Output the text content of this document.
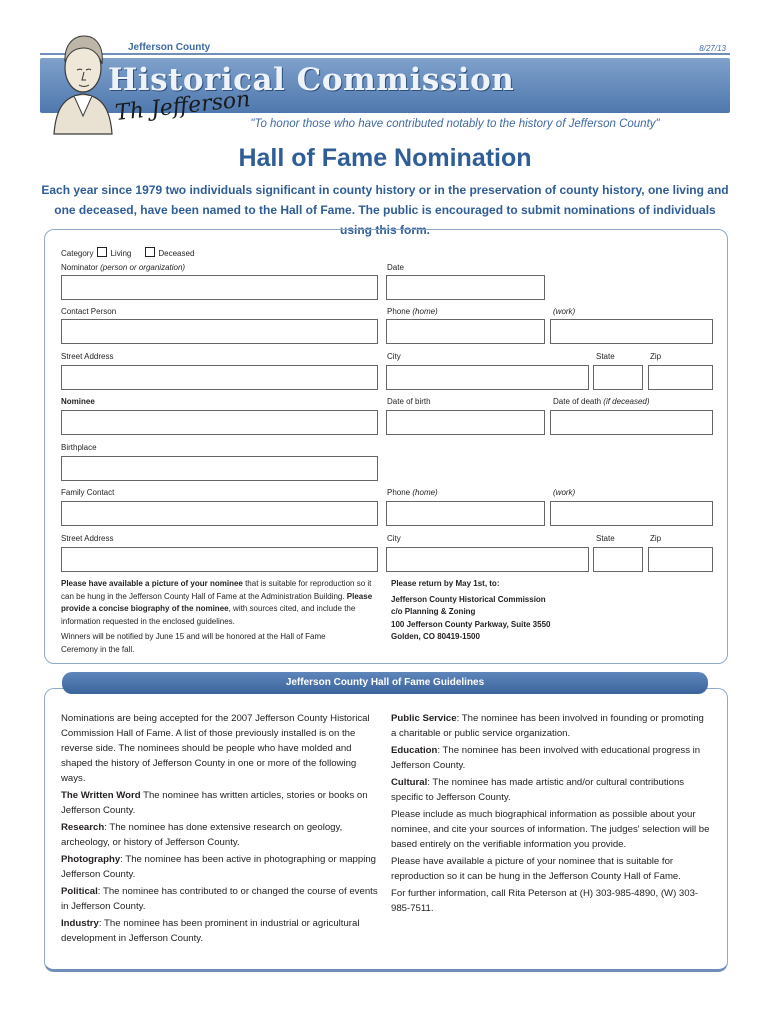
Jefferson County	8/27/13
Historical Commission
Th Jefferson
"To honor those who have contributed notably to the history of Jefferson County"
Hall of Fame Nomination
Each year since 1979 two individuals significant in county history or in the preservation of county history, one living and one deceased, have been named to the Hall of Fame. The public is encouraged to submit nominations of individuals using this form.
Category Living	Deceased
Nominator (person or organization)	Date
Contact Person	Phone (home)	(work)
Street Address	City	State	Zip
Nominee	Date of birth	Date of death (if deceased)
Birthplace
Family Contact	Phone (home)	(work)
Street Address	City	State	Zip
Please have available a picture of your nominee that is suitable for reproduction so it can be hung in the Jefferson County Hall of Fame at the Administration Building. Please provide a concise biography of the nominee, with sources cited, and include the information requested in the enclosed guidelines.
Winners will be notified by June 15 and will be honored at the Hall of Fame Ceremony in the fall.
Please return by May 1st, to:
Jefferson County Historical Commission
c/o Planning & Zoning
100 Jefferson County Parkway, Suite 3550
Golden, CO 80419-1500
Jefferson County Hall of Fame Guidelines

Nominations are being accepted for the 2007 Jefferson County Historical Commission Hall of Fame. A list of those previously installed is on the reverse side. The nominees should be people who have molded and shaped the history of Jefferson County in one or more of the following ways.

The Written Word The nominee has written articles, stories or books on Jefferson County.

Research: The nominee has done extensive research on geology, archeology, or history of Jefferson County.

Photography: The nominee has been active in photographing or mapping Jefferson County.

Political: The nominee has contributed to or changed the course of events in Jefferson County.

Industry: The nominee has been prominent in industrial or agricultural development in Jefferson County.

Public Service: The nominee has been involved in founding or promoting a charitable or public service organization.

Education: The nominee has been involved with educational progress in Jefferson County.

Cultural: The nominee has made artistic and/or cultural contributions specific to Jefferson County.

Please include as much biographical information as possible about your nominee, and cite your sources of information. The judges' selection will be based entirely on the verifiable information you provide.

Please have available a picture of your nominee that is suitable for reproduction so it can be hung in the Jefferson County Hall of Fame.

For further information, call Rita Peterson at (H) 303-985-4890, (W) 303-985-7511.
